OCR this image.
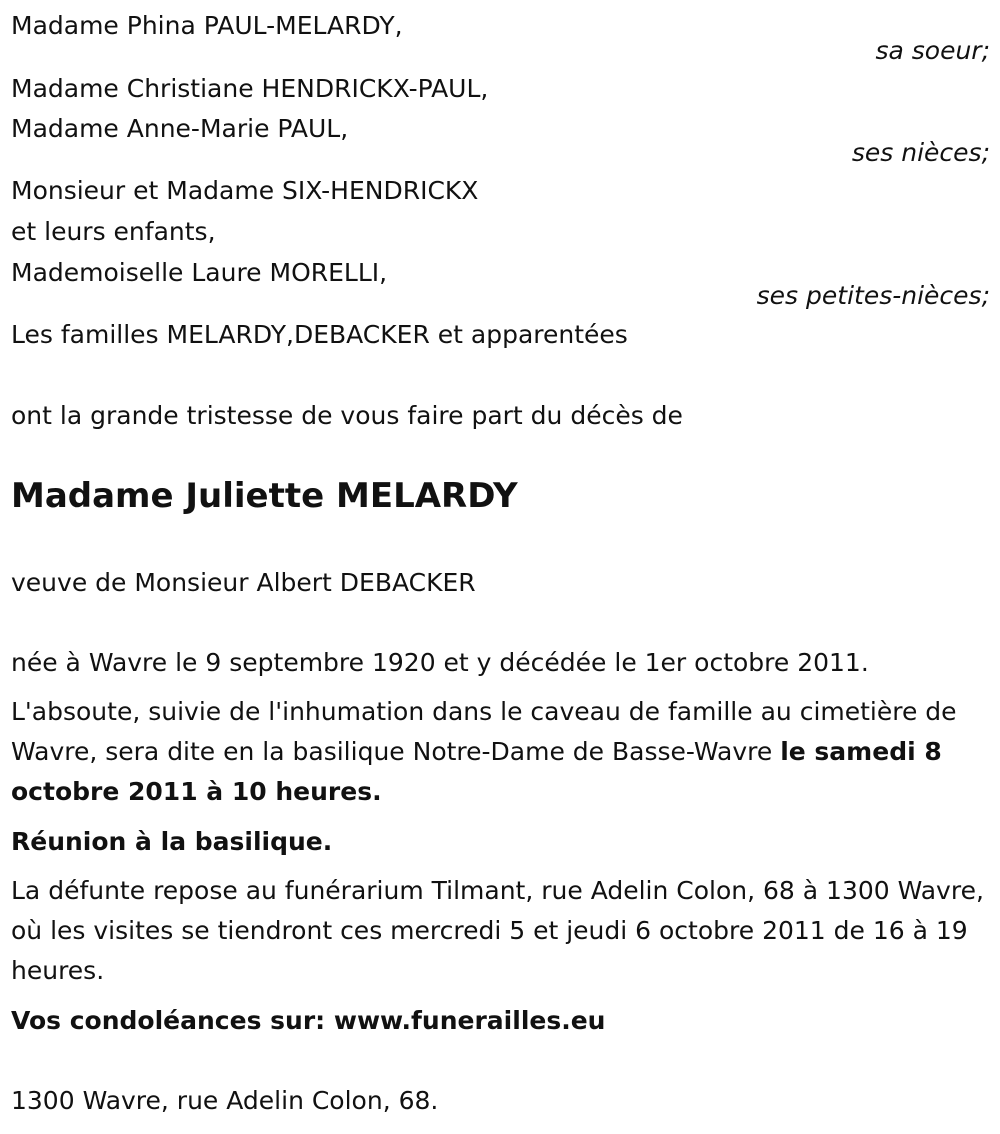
Madame Phina PAUL-MELARDY,

sa soeur;

Madame Christiane HENDRICKX-PAUL,

Madame Anne-Marie PAUL,

ses nièces;

Monsieur et Madame SIX-HENDRICKX

et leurs enfants,

Mademoiselle Laure MORELLI,

ses petites-nièces;

Les familles MELARDY,DEBACKER et apparentées

ont la grande tristesse de vous faire part du décès de

Madame Juliette MELARDY

veuve de Monsieur Albert DEBACKER

née à Wavre le 9 septembre 1920 et y décédée le 1er octobre 2011.

L'absoute, suivie de l'inhumation dans le caveau de famille au cimetière de Wavre, sera dite en la basilique Notre-Dame de Basse-Wavre le samedi 8 octobre 2011 à 10 heures.

Réunion à la basilique.

La défunte repose au funérarium Tilmant, rue Adelin Colon, 68 à 1300 Wavre, où les visites se tiendront ces mercredi 5 et jeudi 6 octobre 2011 de 16 à 19 heures.

Vos condoléances sur: www.funerailles.eu

1300 Wavre, rue Adelin Colon, 68.
